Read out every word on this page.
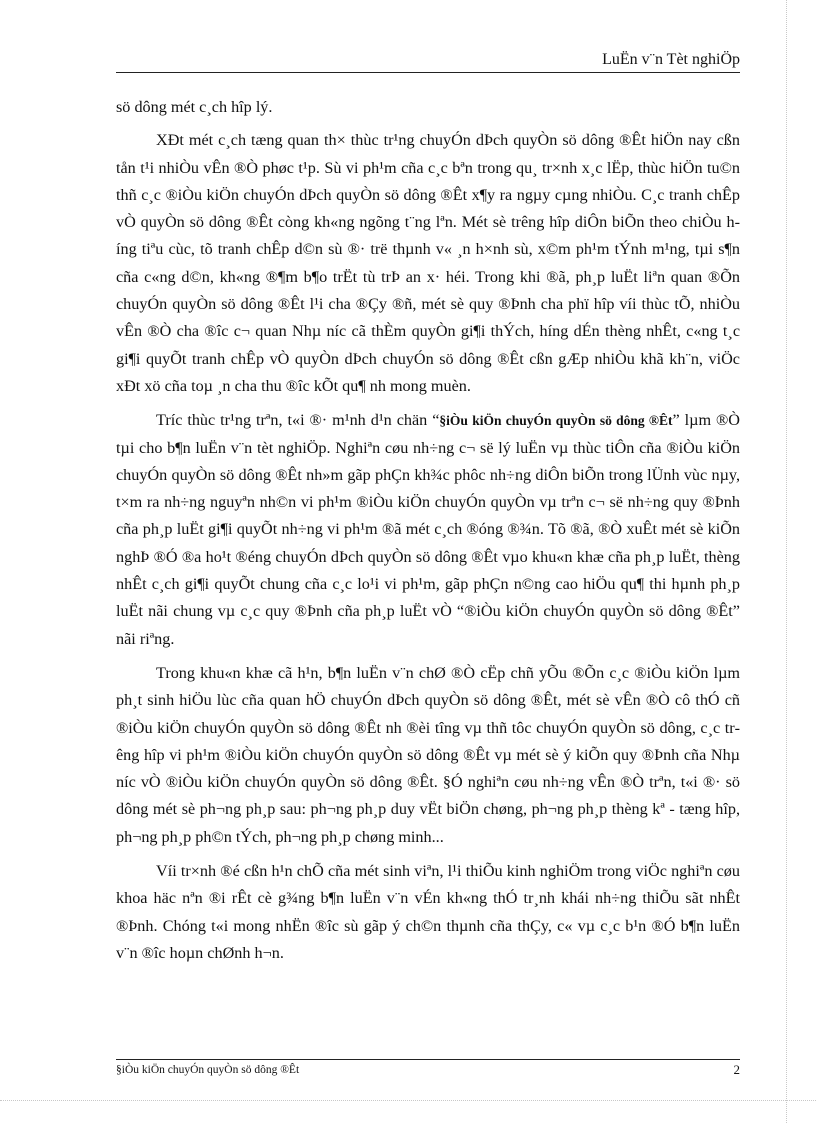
LuËn v¨n Tèt nghiÖp

sö dông mét c¸ch hîp lý.

XÐt mét c¸ch tæng quan th× thùc tr¹ng chuyÓn dÞch quyÒn sö dông ®Êt hiÖn nay cßn tån t¹i nhiÒu vÊn ®Ò phøc t¹p. Sù vi ph¹m cña c¸c bªn trong qu¸ tr×nh x¸c lËp, thùc hiÖn tu©n thñ c¸c ®iÒu kiÖn chuyÓn dÞch quyÒn sö dông ®Êt x¶y ra ngµy cµng nhiÒu. C¸c tranh chÊp vÒ quyÒn sö dông ®Êt còng kh«ng ngõng t¨ng lªn. Mét sè trêng hîp diÔn biÕn theo chiÒu híng tiªu cùc, tõ tranh chÊp d©n sù ®· trë thµnh v« ¸n h×nh sù, x©m ph¹m tÝnh m¹ng, tµi s¶n cña c«ng d©n, kh«ng ®¶m b¶o trËt tù trÞ an x· héi. Trong khi ®ã, ph¸p luËt liªn quan ®Õn chuyÓn quyÒn sö dông ®Êt l¹i cha ®Çy ®ñ, mét sè quy ®Þnh cha phï hîp víi thùc tÕ, nhiÒu vÊn ®Ò cha ®îc c¬ quan Nhµ níc cã thÈm quyÒn gi¶i thÝch, híng dÉn thèng nhÊt, c«ng t¸c gi¶i quyÕt tranh chÊp vÒ quyÒn dÞch chuyÓn sö dông ®Êt cßn gÆp nhiÒu khã kh¨n, viÖc xÐt xö cña toµ ¸n cha thu ®îc kÕt qu¶ nh mong muèn.

Tríc thùc tr¹ng trªn, t«i ®· m¹nh d¹n chän “§iÒu kiÖn chuyÓn quyÒn sö dông ®Êt” lµm ®Ò tµi cho b¶n luËn v¨n tèt nghiÖp. Nghiªn cøu nh÷ng c¬ së lý luËn vµ thùc tiÔn cña ®iÒu kiÖn chuyÓn quyÒn sö dông ®Êt nh»m gãp phÇn kh¾c phôc nh÷ng diÔn biÕn trong lÜnh vùc nµy, t×m ra nh÷ng nguyªn nh©n vi ph¹m ®iÒu kiÖn chuyÓn quyÒn vµ trªn c¬ së nh÷ng quy ®Þnh cña ph¸p luËt gi¶i quyÕt nh÷ng vi ph¹m ®ã mét c¸ch ®óng ®¾n. Tõ ®ã, ®Ò xuÊt mét sè kiÕn nghÞ ®Ó ®a ho¹t ®éng chuyÓn dÞch quyÒn sö dông ®Êt vµo khu«n khæ cña ph¸p luËt, thèng nhÊt c¸ch gi¶i quyÕt chung cña c¸c lo¹i vi ph¹m, gãp phÇn n©ng cao hiÖu qu¶ thi hµnh ph¸p luËt nãi chung vµ c¸c quy ®Þnh cña ph¸p luËt vÒ “®iÒu kiÖn chuyÓn quyÒn sö dông ®Êt” nãi riªng.

Trong khu«n khæ cã h¹n, b¶n luËn v¨n chØ ®Ò cËp chñ yÕu ®Õn c¸c ®iÒu kiÖn lµm ph¸t sinh hiÖu lùc cña quan hÖ chuyÓn dÞch quyÒn sö dông ®Êt, mét sè vÊn ®Ò cô thÓ cñ ®iÒu kiÖn chuyÓn quyÒn sö dông ®Êt nh ®èi tîng vµ thñ tôc chuyÓn quyÒn sö dông, c¸c trêng hîp vi ph¹m ®iÒu kiÖn chuyÓn quyÒn sö dông ®Êt vµ mét sè ý kiÕn quy ®Þnh cña Nhµ níc vÒ ®iÒu kiÖn chuyÓn quyÒn sö dông ®Êt. §Ó nghiªn cøu nh÷ng vÊn ®Ò trªn, t«i ®· sö dông mét sè ph¬ng ph¸p sau: ph¬ng ph¸p duy vËt biÖn chøng, ph¬ng ph¸p thèng kª - tæng hîp, ph¬ng ph¸p ph©n tÝch, ph¬ng ph¸p chøng minh...

Víi tr×nh ®é cßn h¹n chÕ cña mét sinh viªn, l¹i thiÕu kinh nghiÖm trong viÖc nghiªn cøu khoa häc nªn ®i rÊt cè g¾ng b¶n luËn v¨n vÉn kh«ng thÓ tr¸nh khái nh÷ng thiÕu sãt nhÊt ®Þnh. Chóng t«i mong nhËn ®îc sù gãp ý ch©n thµnh cña thÇy, c« vµ c¸c b¹n ®Ó b¶n luËn v¨n ®îc hoµn chØnh h¬n.

§iÒu kiÖn chuyÓn quyÒn sö dông ®Êt	2
